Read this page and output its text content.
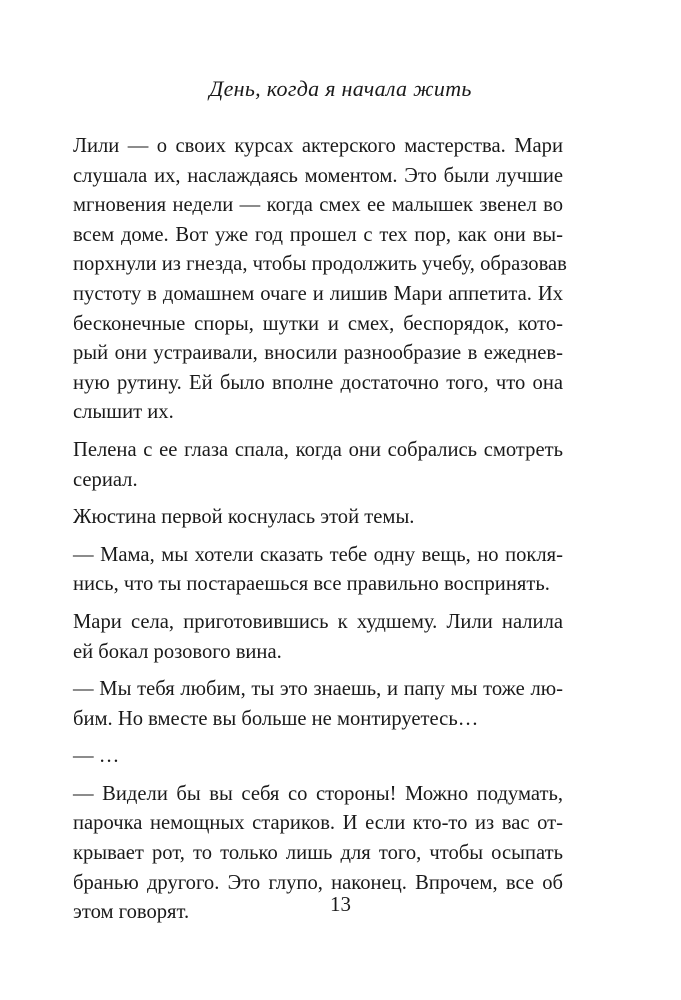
День, когда я начала жить
Лили — о своих курсах актерского мастерства. Мари
слушала их, наслаждаясь моментом. Это были лучшие
мгновения недели — когда смех ее малышек звенел во
всем доме. Вот уже год прошел с тех пор, как они вы-
порхнули из гнезда, чтобы продолжить учебу, образовав
пустоту в домашнем очаге и лишив Мари аппетита. Их
бесконечные споры, шутки и смех, беспорядок, кото-
рый они устраивали, вносили разнообразие в ежеднев-
ную рутину. Ей было вполне достаточно того, что она
слышит их.
Пелена с ее глаза спала, когда они собрались смотреть
сериал.
Жюстина первой коснулась этой темы.
— Мама, мы хотели сказать тебе одну вещь, но покля-
нись, что ты постараешься все правильно воспринять.
Мари села, приготовившись к худшему. Лили налила
ей бокал розового вина.
— Мы тебя любим, ты это знаешь, и папу мы тоже лю-
бим. Но вместе вы больше не монтируетесь…
— …
— Видели бы вы себя со стороны! Можно подумать,
парочка немощных стариков. И если кто-то из вас от-
крывает рот, то только лишь для того, чтобы осыпать
бранью другого. Это глупо, наконец. Впрочем, все об
этом говорят.	13
